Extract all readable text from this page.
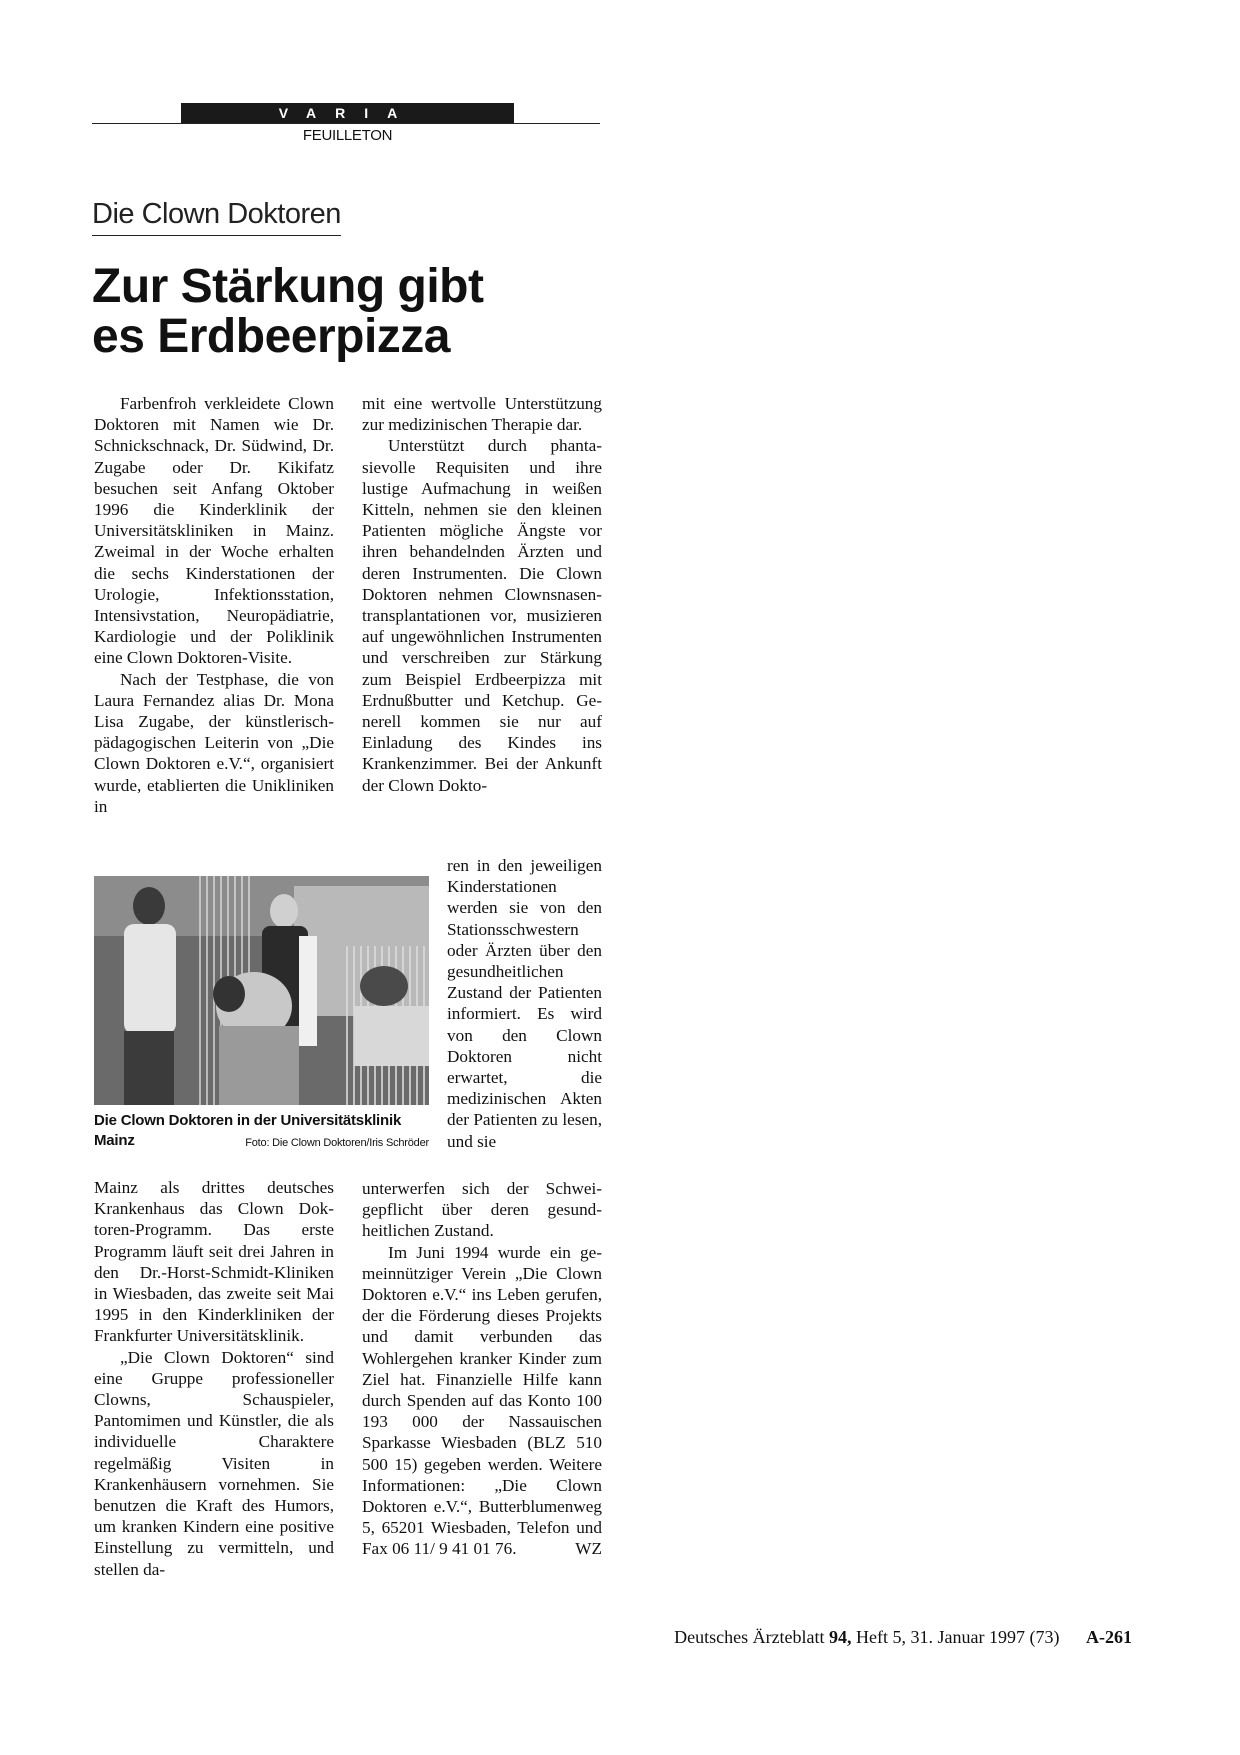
VARIA
FEUILLETON
Die Clown Doktoren
Zur Stärkung gibt
es Erdbeerpizza

Farbenfroh verkleidete Clown Doktoren mit Namen wie Dr. Schnickschnack, Dr. Südwind, Dr. Zugabe oder Dr. Kikifatz besuchen seit Anfang Oktober 1996 die Kinderklinik der Universitätskliniken in Mainz. Zweimal in der Woche erhalten die sechs Kinderstationen der Urologie, Infektionsstation, Intensivstation, Neuropädiatrie, Kardiologie und der Poliklinik eine Clown Doktoren-Visite.

Nach der Testphase, die von Laura Fernandez alias Dr. Mona Lisa Zugabe, der künstlerisch-pädagogischen Leiterin von „Die Clown Doktoren e.V.“, organisiert wurde, etablierten die Unikliniken in

Die Clown Doktoren in der Universitätsklinik Mainz	Foto: Die Clown Doktoren/Iris Schröder

Mainz als drittes deutsches Krankenhaus das Clown Doktoren-Programm. Das erste Programm läuft seit drei Jahren in den Dr.-Horst-Schmidt-Kliniken in Wiesbaden, das zweite seit Mai 1995 in den Kinderkliniken der Frankfurter Universitätsklinik.

„Die Clown Doktoren“ sind eine Gruppe professioneller Clowns, Schauspieler, Pantomimen und Künstler, die als individuelle Charaktere regelmäßig Visiten in Krankenhäusern vornehmen. Sie benutzen die Kraft des Humors, um kranken Kindern eine positive Einstellung zu vermitteln, und stellen da-

mit eine wertvolle Unterstützung zur medizinischen Therapie dar.

Unterstützt durch phantasievolle Requisiten und ihre lustige Aufmachung in weißen Kitteln, nehmen sie den kleinen Patienten mögliche Ängste vor ihren behandelnden Ärzten und deren Instrumenten. Die Clown Doktoren nehmen Clownsnasentransplantationen vor, musizieren auf ungewöhnlichen Instrumenten und verschreiben zur Stärkung zum Beispiel Erdbeerpizza mit Erdnußbutter und Ketchup. Generell kommen sie nur auf Einladung des Kindes ins Krankenzimmer. Bei der Ankunft der Clown Dokto-

ren in den jeweiligen Kinderstationen werden sie von den Stationsschwestern oder Ärzten über den gesundheitlichen Zustand der Patienten informiert. Es wird von den Clown Doktoren nicht erwartet, die medizinischen Akten der Patienten zu lesen, und sie

unterwerfen sich der Schweigepflicht über deren gesundheitlichen Zustand.

Im Juni 1994 wurde ein gemeinnütziger Verein „Die Clown Doktoren e.V.“ ins Leben gerufen, der die Förderung dieses Projekts und damit verbunden das Wohlergehen kranker Kinder zum Ziel hat. Finanzielle Hilfe kann durch Spenden auf das Konto 100 193 000 der Nassauischen Sparkasse Wiesbaden (BLZ 510 500 15) gegeben werden. Weitere Informationen: „Die Clown Doktoren e.V.“, Butterblumenweg 5, 65201 Wiesbaden, Telefon und Fax 06 11/ 9 41 01 76.	WZ

Deutsches Ärzteblatt 94, Heft 5, 31. Januar 1997 (73) A-261
